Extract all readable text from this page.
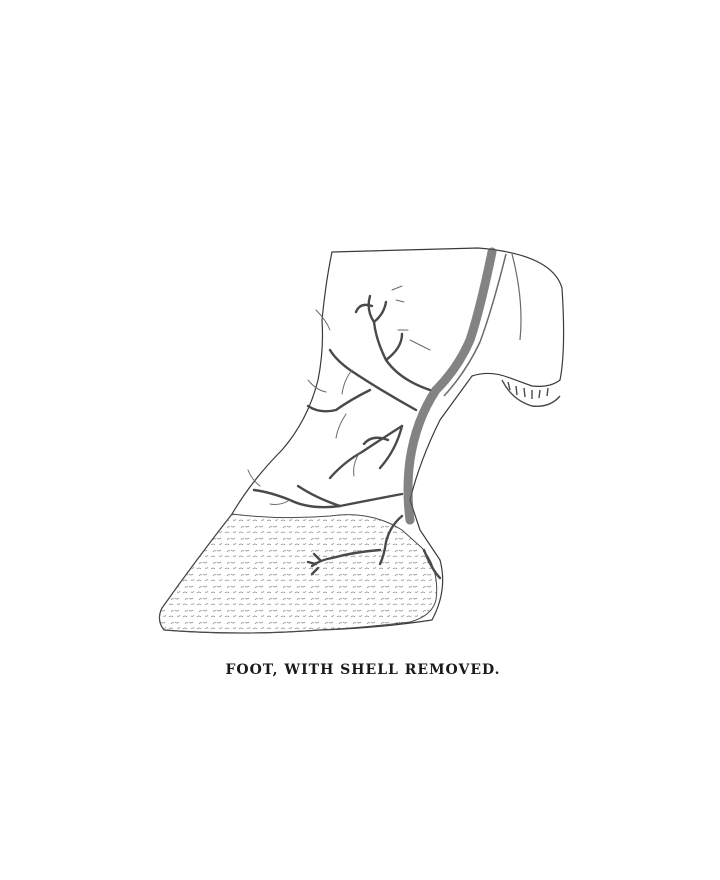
FOOT, WITH SHELL REMOVED.
